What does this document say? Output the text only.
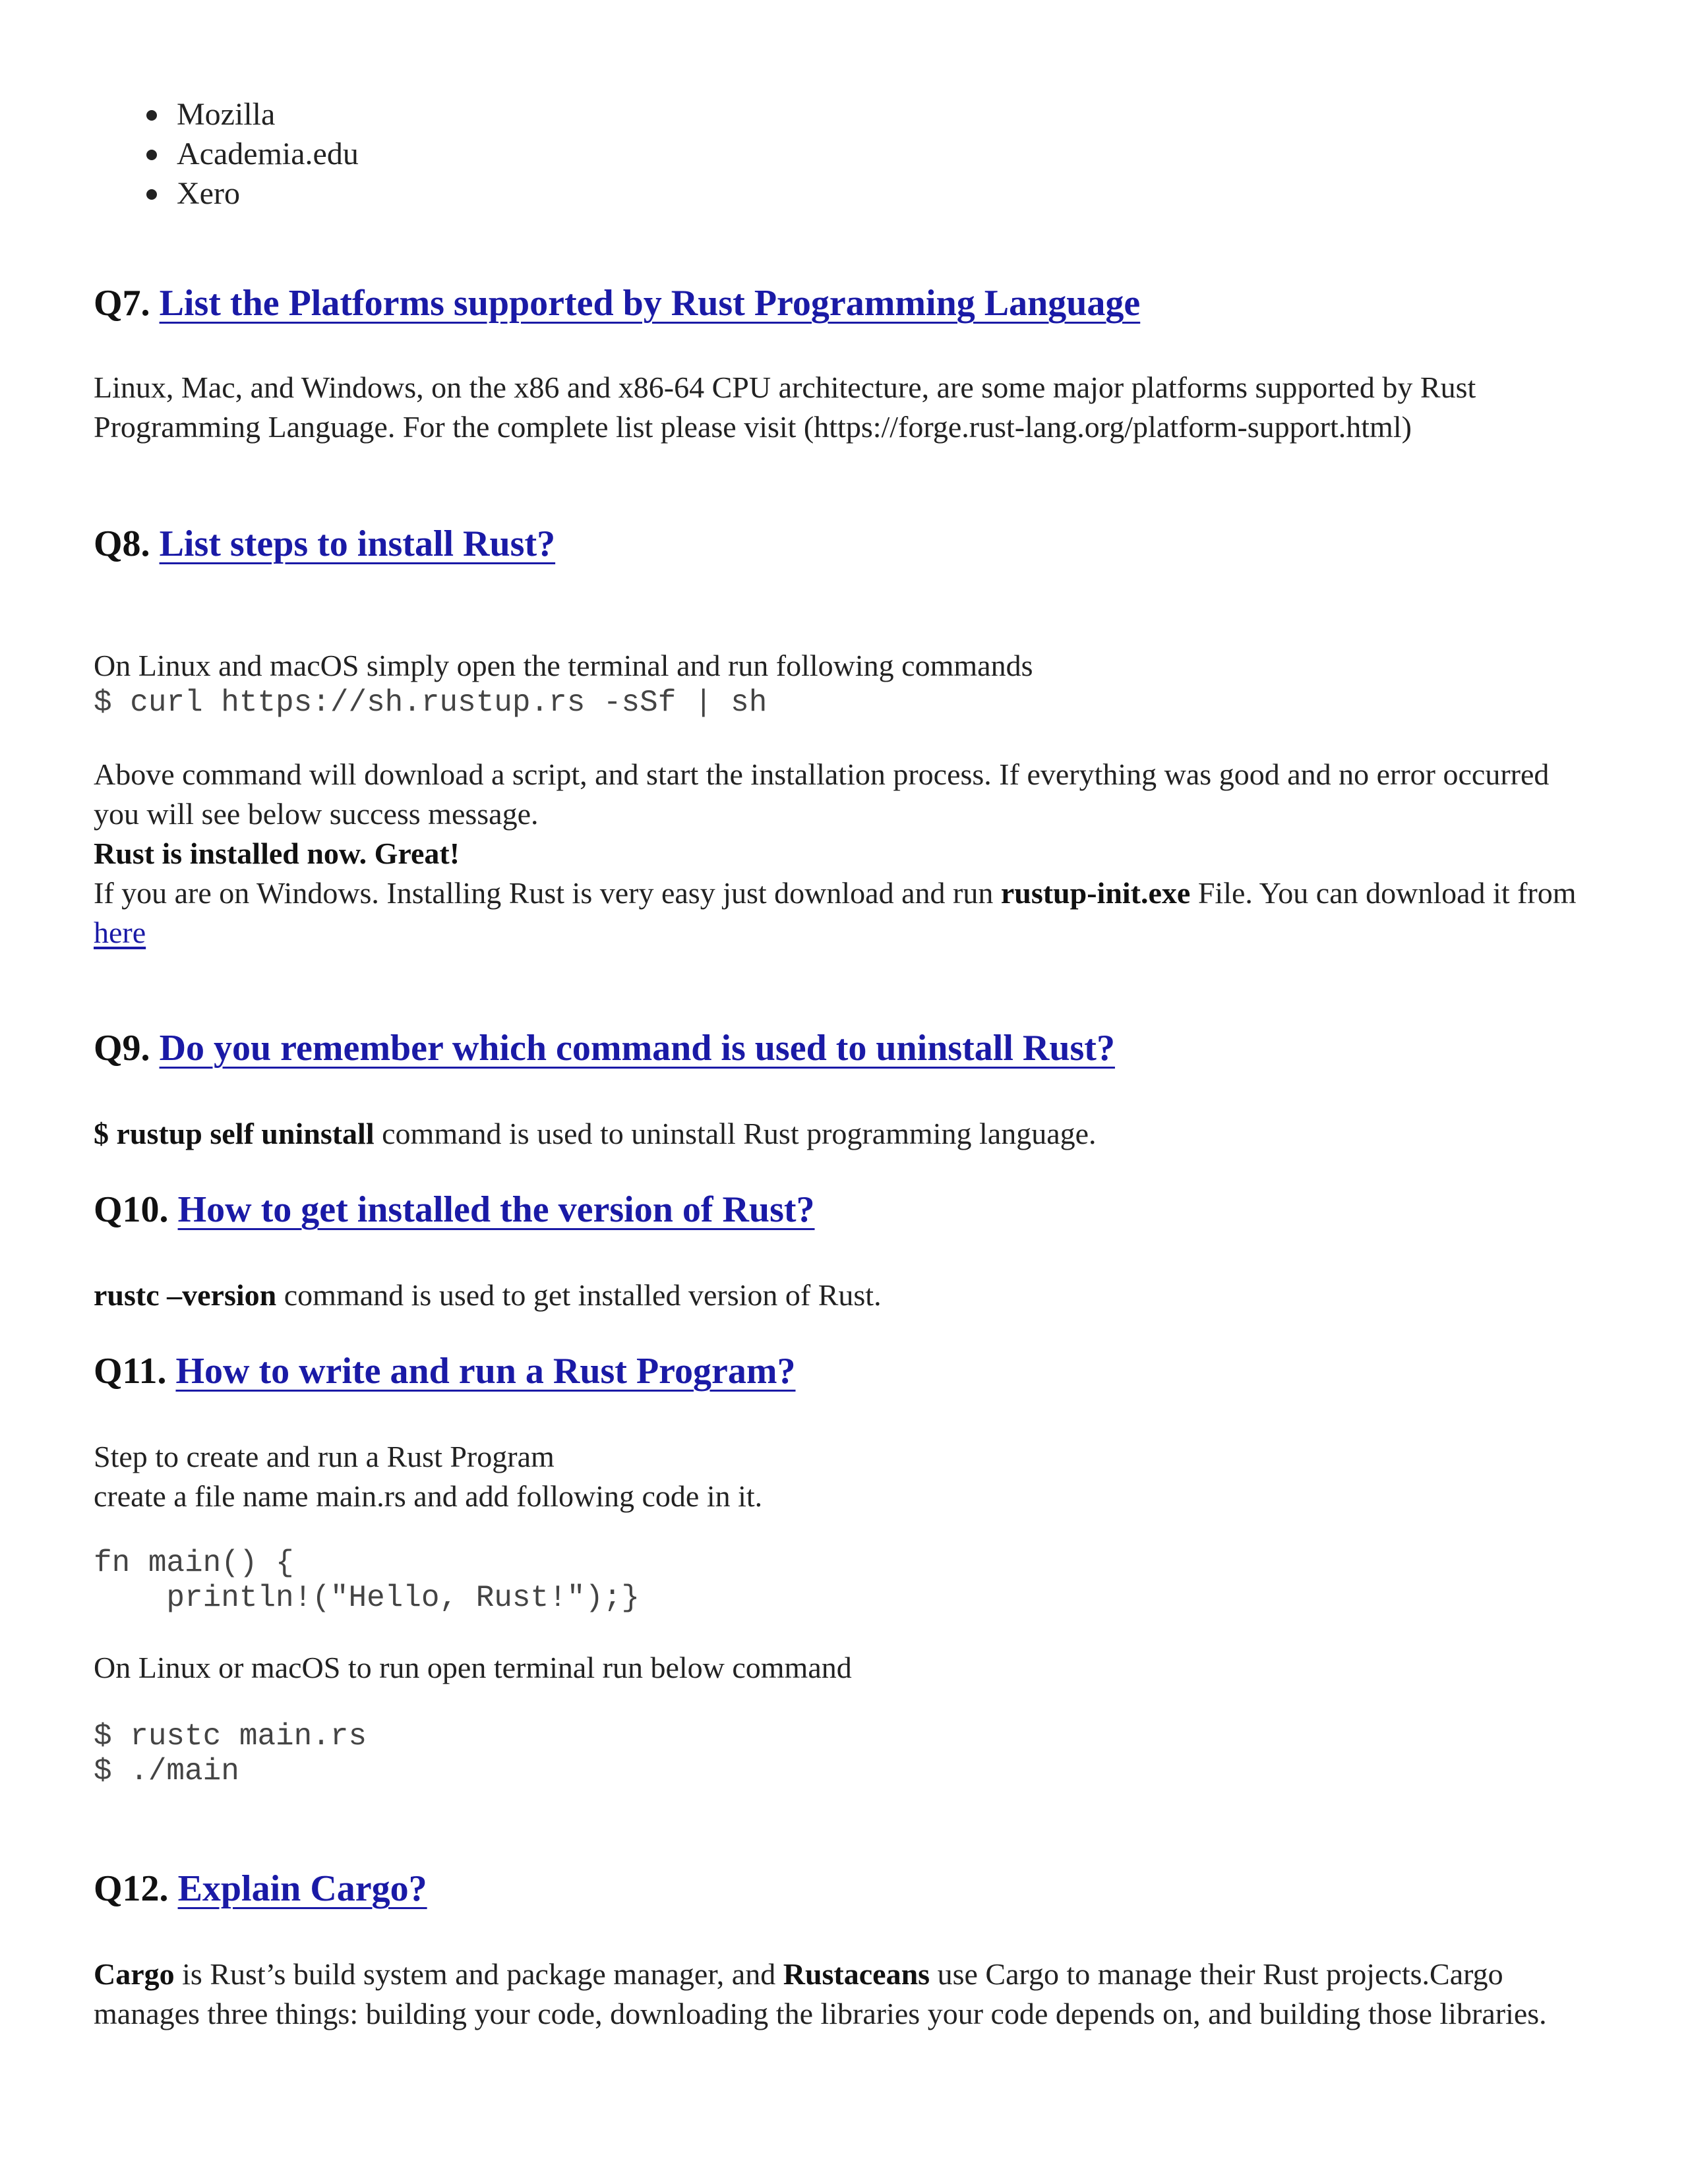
Mozilla
Academia.edu
Xero
Q7. List the Platforms supported by Rust Programming Language

Linux, Mac, and Windows, on the x86 and x86-64 CPU architecture, are some major platforms supported by Rust Programming Language. For the complete list please visit (https://forge.rust-lang.org/platform-support.html)

Q8. List steps to install Rust?

On Linux and macOS simply open the terminal and run following commands

$ curl https://sh.rustup.rs -sSf | sh

Above command will download a script, and start the installation process. If everything was good and no error occurred you will see below success message.

Rust is installed now. Great!

If you are on Windows. Installing Rust is very easy just download and run rustup-init.exe File. You can download it from here

Q9. Do you remember which command is used to uninstall Rust?

$ rustup self uninstall command is used to uninstall Rust programming language.

Q10. How to get installed the version of Rust?

rustc –version command is used to get installed version of Rust.

Q11. How to write and run a Rust Program?

Step to create and run a Rust Program

create a file name main.rs and add following code in it.

fn main() {
println!("Hello, Rust!");}

On Linux or macOS to run open terminal run below command

$ rustc main.rs
$ ./main
Q12. Explain Cargo?

Cargo is Rust’s build system and package manager, and Rustaceans use Cargo to manage their Rust projects.Cargo manages three things: building your code, downloading the libraries your code depends on, and building those libraries.
